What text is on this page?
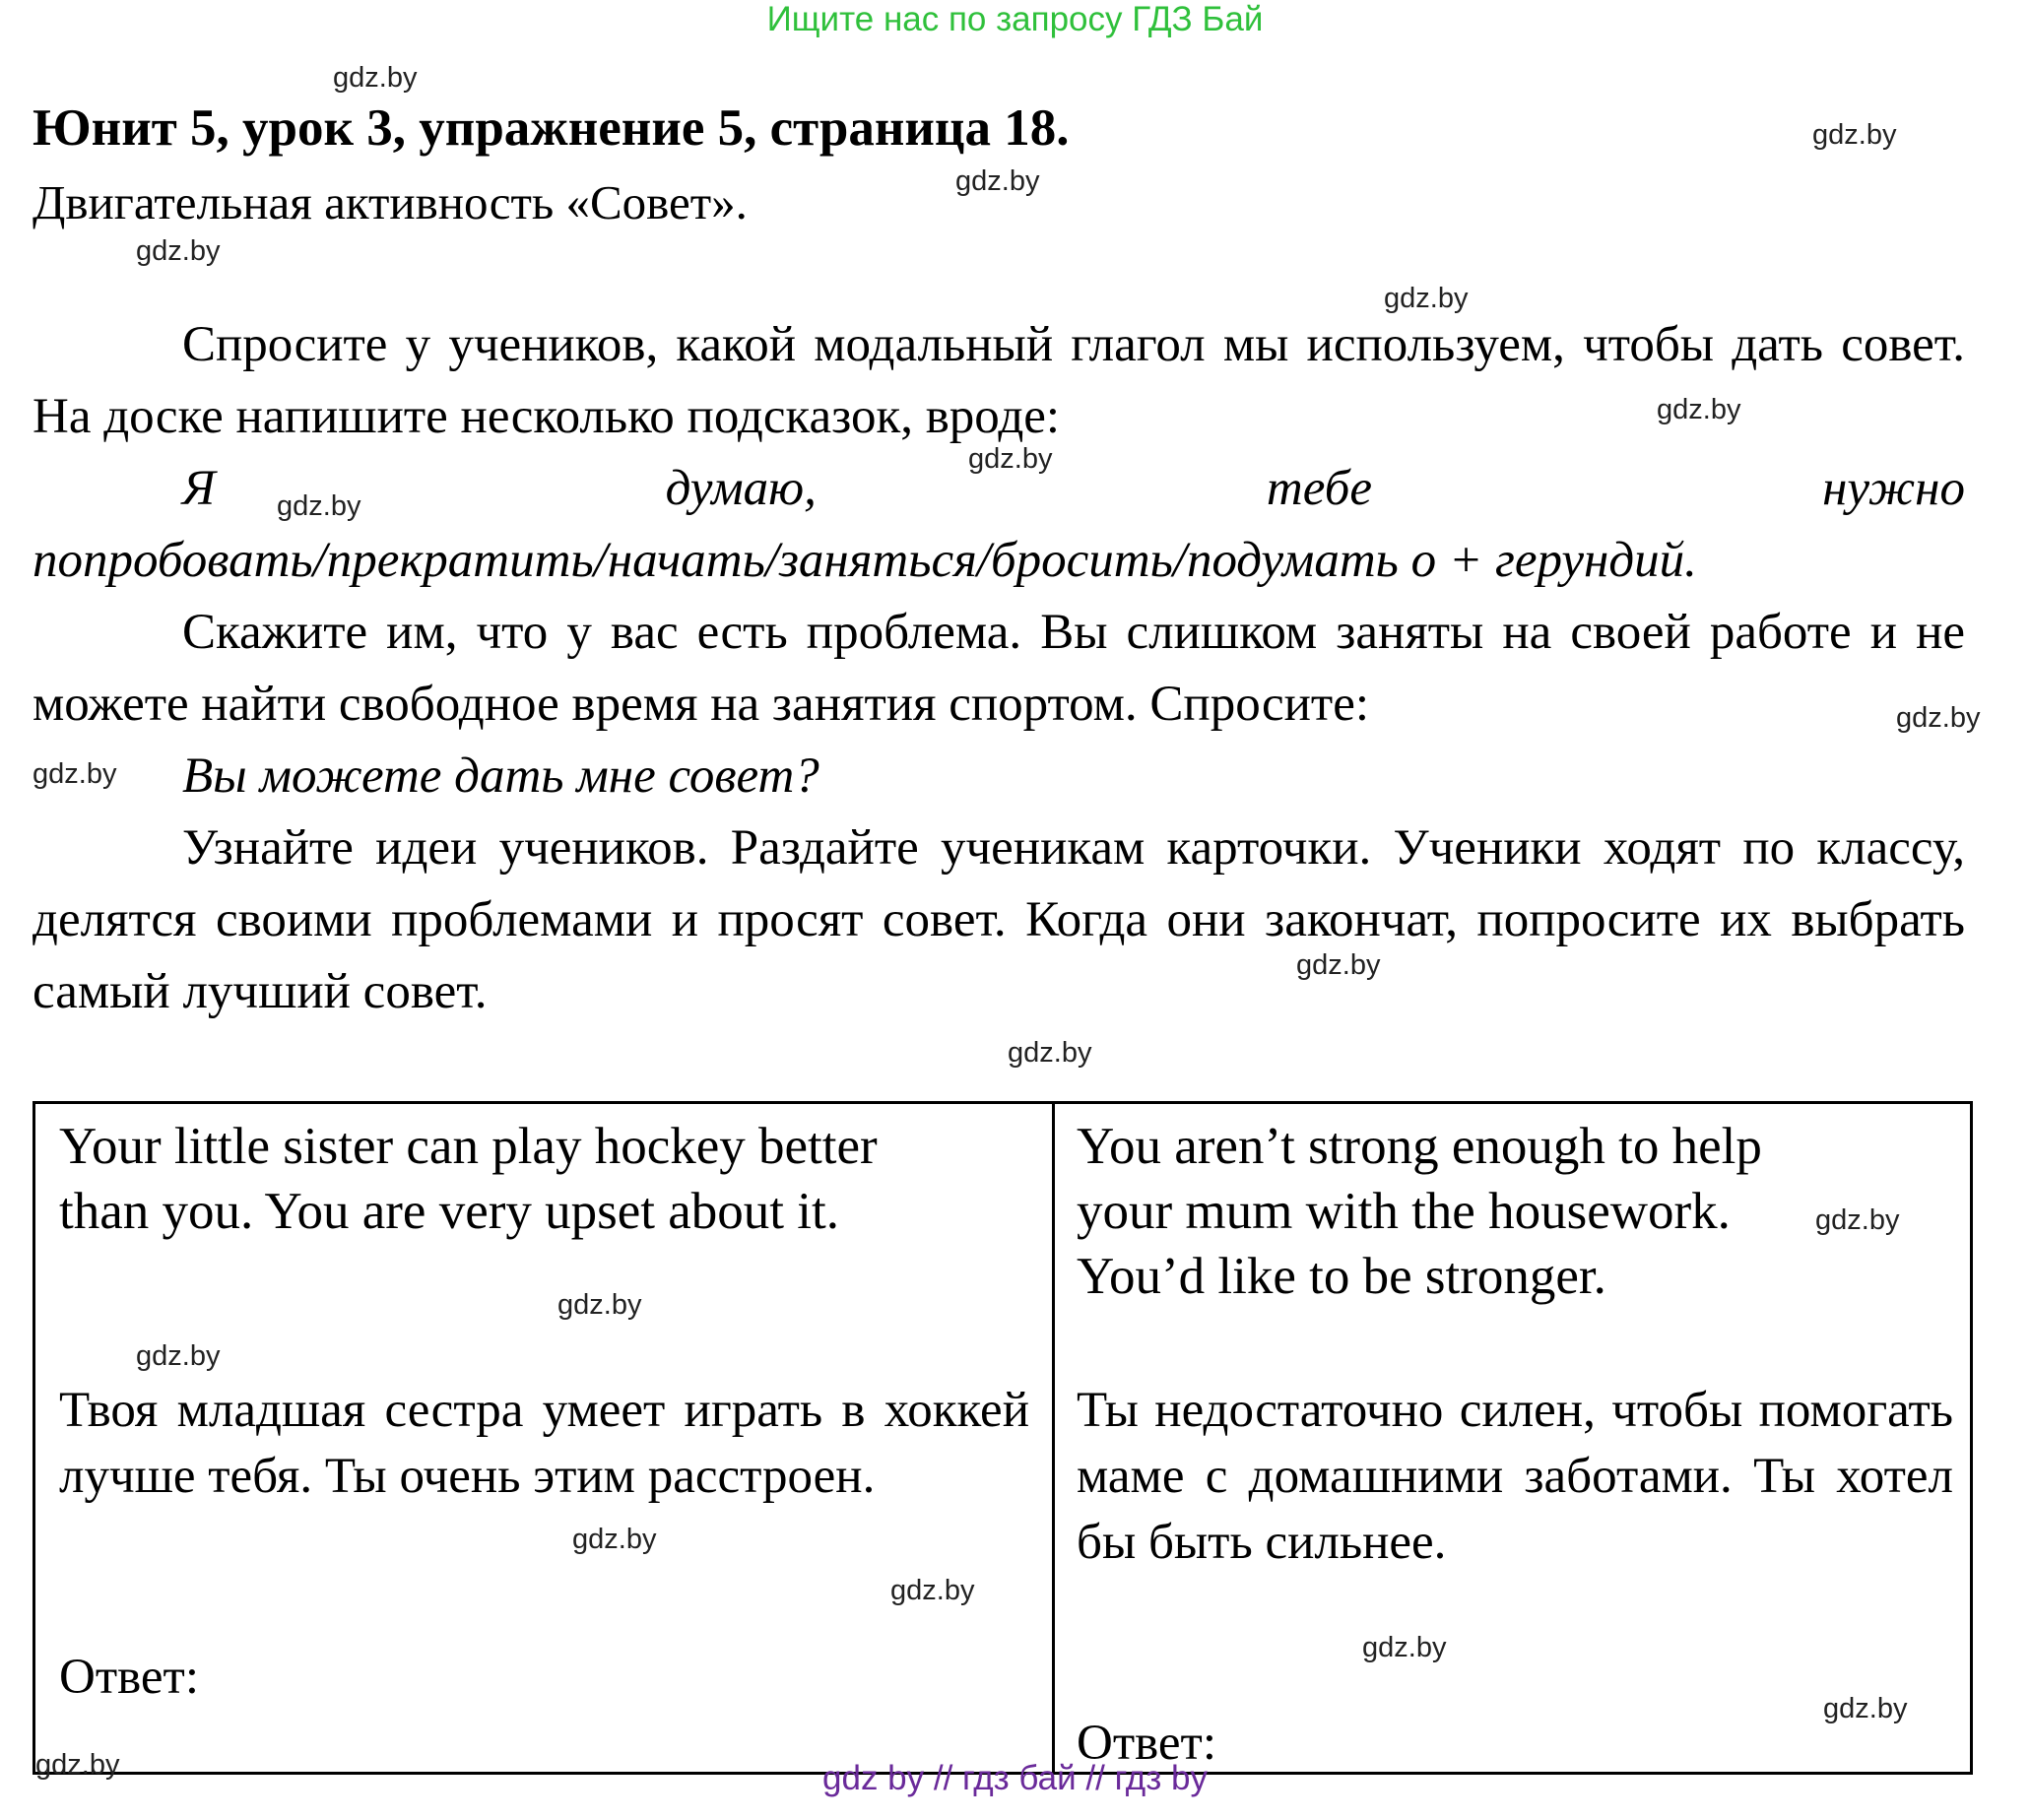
Ищите нас по запросу ГДЗ Бай
gdz.by
gdz.by
gdz.by
gdz.by
gdz.by
gdz.by
gdz.by
gdz.by
gdz.by
gdz.by
gdz.by
gdz.by
Юнит 5, урок 3, упражнение 5, страница 18.
Двигательная активность «Совет».

Спросите у учеников, какой модальный глагол мы используем, чтобы дать совет. На доске напишите несколько подсказок, вроде:

Я	думаю,	тебе	нужно
попробовать/прекратить/начать/заняться/бросить/подумать о + герундий.

Скажите им, что у вас есть проблема. Вы слишком заняты на своей работе и не можете найти свободное время на занятия спортом. Спросите:

Вы можете дать мне совет?

Узнайте идеи учеников. Раздайте ученикам карточки. Ученики ходят по классу, делятся своими проблемами и просят совет. Когда они закончат, попросите их выбрать самый лучший совет.

Your little sister can play hockey better than you. You are very upset about it.
Твоя младшая сестра умеет играть в хоккей лучше тебя. Ты очень этим расстроен.
Ответ:
gdz.by
gdz.by
gdz.by
gdz.by
gdz.by
You aren’t strong enough to help your mum with the housework. You’d like to be stronger.
Ты недостаточно силен, чтобы помогать маме с домашними заботами. Ты хотел бы быть сильнее.
Ответ:
gdz.by
gdz.by
gdz.by
gdz by // гдз бай // гдз by
